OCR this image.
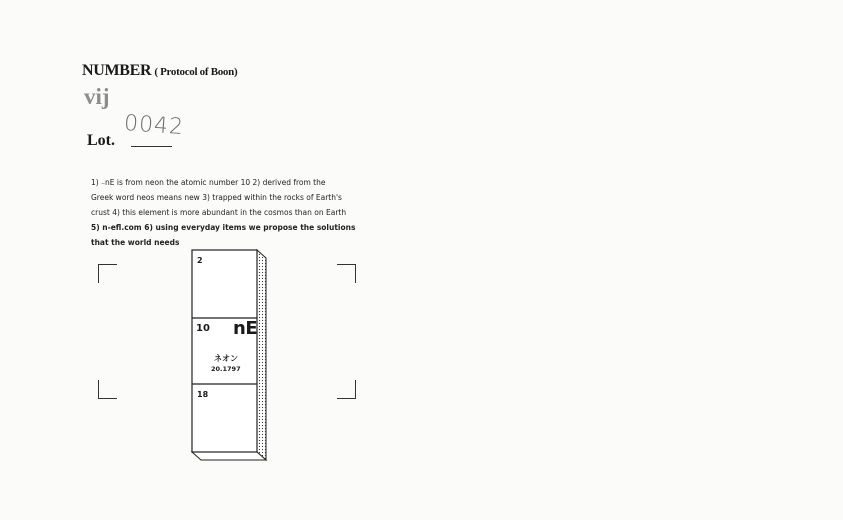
NUMBER ( Protocol of Boon)
vij
Lot.
0042

1) ₋nE is from neon the atomic number 10 2) derived from the

Greek word neos means new 3) trapped within the rocks of Earth's

crust 4) this element is more abundant in the cosmos than on Earth

5) n-efl.com 6) using everyday items we propose the solutions

that the world needs

2
10 nE
ネオン
20.1797
18
